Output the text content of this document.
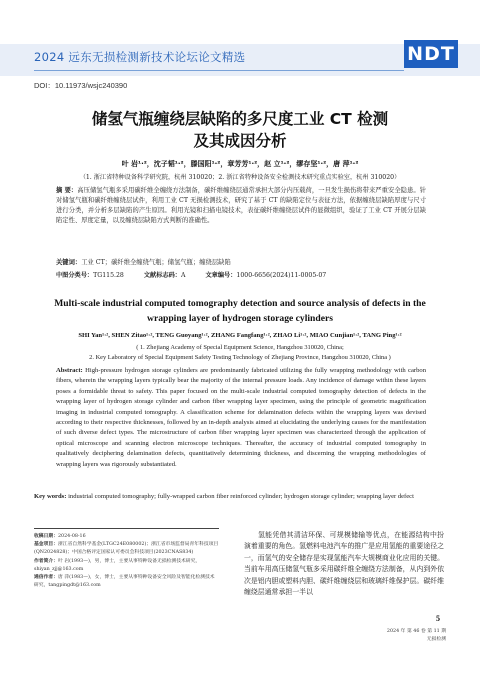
2024 远东无损检测新技术论坛论文精选	NDT
DOI：10.11973/wsjc240390
储氢气瓶缠绕层缺陷的多尺度工业 CT 检测
及其成因分析
叶 岩¹·²，沈子韬¹·²，滕国阳¹·²，章芳芳¹·²，赵 立¹·²，缪存坚¹·²，唐 萍¹·²
（1. 浙江省特种设备科学研究院，杭州 310020；2. 浙江省特种设备安全检测技术研究重点实验室，杭州 310020）
摘 要：高压储氢气瓶多采用碳纤维全缠绕方法制备，碳纤维缠绕层通常承担大部分内压载荷，一旦发生损伤将带来严重安全隐患。针对储氢气瓶和碳纤维缠绕层试件，利用工业 CT 无损检测技术，研究了基于 CT 的缺陷定位与表征方法，依据缠绕层缺陷厚度与尺寸进行分类，并分析多层缺陷的产生原因。利用光镜和扫描电镜技术，表征碳纤维缠绕层试件的显微组织，验证了工业 CT 开展分层缺陷定性、厚度定量，以及缠绕层缺陷方式判断的准确性。
关键词：工业 CT；碳纤维全缠绕气瓶；储氢气瓶；缠绕层缺陷
中图分类号：TG115.28	文献标志码：A	文章编号：1000-6656(2024)11-0005-07
Multi-scale industrial computed tomography detection and source analysis of defects in the
wrapping layer of hydrogen storage cylinders
SHI Yan¹·², SHEN Zitao¹·², TENG Guoyang¹·², ZHANG Fangfang¹·², ZHAO Li¹·², MIAO Cunjian¹·², TANG Ping¹·²
( 1. Zhejiang Academy of Special Equipment Science, Hangzhou 310020, China;
2. Key Laboratory of Special Equipment Safety Testing Technology of Zhejiang Province, Hangzhou 310020, China )
Abstract: High-pressure hydrogen storage cylinders are predominantly fabricated utilizing the fully wrapping methodology with carbon fibers, wherein the wrapping layers typically bear the majority of the internal pressure loads. Any incidence of damage within these layers poses a formidable threat to safety. This paper focused on the multi-scale industrial computed tomography detection of defects in the wrapping layer of hydrogen storage cylinder and carbon fiber wrapping layer specimen, using the principle of geometric magnification imaging in industrial computed tomography. A classification scheme for delamination defects within the wrapping layers was devised according to their respective thicknesses, followed by an in-depth analysis aimed at elucidating the underlying causes for the manifestation of such diverse defect types. The microstructure of carbon fiber wrapping layer specimen was characterized through the application of optical microscope and scanning electron microscope techniques. Thereafter, the accuracy of industrial computed tomography in qualitatively deciphering delamination defects, quantitatively determining thickness, and discerning the wrapping methodologies of wrapping layers was rigorously substantiated.
Key words: industrial computed tomography; fully-wrapped carbon fiber reinforced cylinder; hydrogen storage cylinder; wrapping layer defect
收稿日期：2024-08-16
基金项目：浙江省自然科学基金(LTGC24E080002)；浙江省市场监督局青年科技项目(QN2024828)；中国合格评定国家认可委员会科技项目(2023CNAS834)
作者简介：叶 岩(1993—)，男，博士，主要从事特种设备无损检测技术研究，shiyan_zjj@163.com
通信作者：唐 萍(1983—)，女，博士，主要从事特种设备安全风险及智能化检测技术研究，tangpingdt@163.com
氢能凭借其清洁环保、可规模储输等优点，在能源结构中扮演着重要的角色。氢燃料电池汽车的推广是应用氢能的重要途径之一，而氢气的安全储存是实现氢能汽车大规模商业化应用的关键。当前车用高压储氢气瓶多采用碳纤维全缠绕方法制备，从内到外依次是铝内胆或塑料内胆、碳纤维缠绕层和玻璃纤维保护层。碳纤维缠绕层通常承担一半以
5
2024 年 第 46 卷 第 11 期
无损检测
